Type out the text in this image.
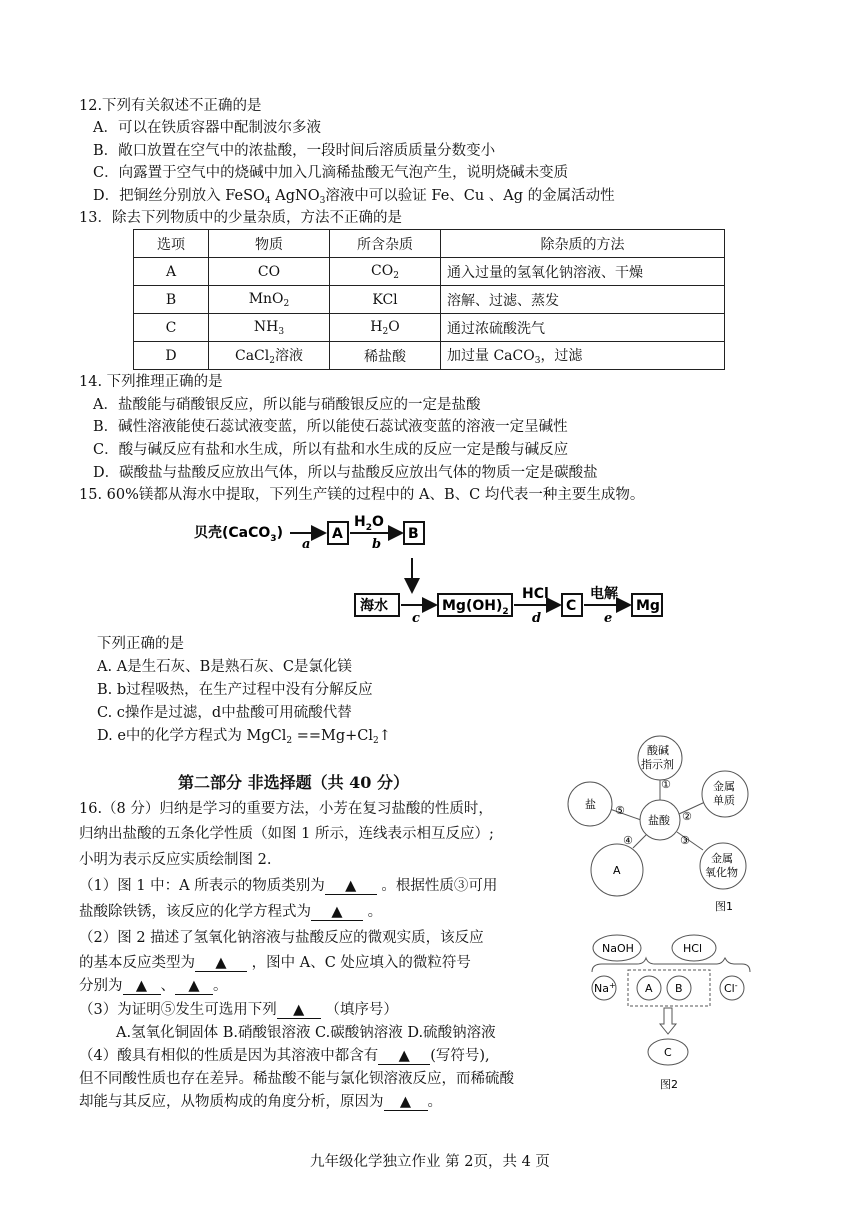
12.下列有关叙述不正确的是
A．可以在铁质容器中配制波尔多液
B．敞口放置在空气中的浓盐酸，一段时间后溶质质量分数变小
C．向露置于空气中的烧碱中加入几滴稀盐酸无气泡产生，说明烧碱未变质
D．把铜丝分别放入 FeSO$_4$ AgNO$_3$溶液中可以验证 Fe、Cu 、Ag 的金属活动性
13．除去下列物质中的少量杂质，方法不正确的是
选项	物质	所含杂质	除杂质的方法
A	CO	$CO_2$	通入过量的氢氧化钠溶液、干燥
B	MnO$_2$	KCl	溶解、过滤、蒸发
C	$NH_3$	$H_2O$	通过浓硫酸洗气
D	CaCl$_2$溶液	稀盐酸	加过量 CaCO$_3$，过滤
14. 下列推理正确的是
A．盐酸能与硝酸银反应，所以能与硝酸银反应的一定是盐酸
B．碱性溶液能使石蕊试液变蓝，所以能使石蕊试液变蓝的溶液一定呈碱性
C．酸与碱反应有盐和水生成，所以有盐和水生成的反应一定是酸与碱反应
D．碳酸盐与盐酸反应放出气体，所以与盐酸反应放出气体的物质一定是碳酸盐
15. 60%镁都从海水中提取，下列生产镁的过程中的 A、B、C 均代表一种主要生成物。
贝壳(CaCO$_3$)
a
A
$H_2O$
b
B
海水
c
$Mg(OH)_2$
HCl
d
C
电解
e
Mg
下列正确的是
A. A是生石灰、B是熟石灰、C是氯化镁
B. b过程吸热，在生产过程中没有分解反应
C. c操作是过滤，d中盐酸可用硫酸代替
D. e中的化学方程式为 MgCl$_2$ $==Mg+Cl_2↑$
第二部分 非选择题（共 40 分）
16.（8 分）归纳是学习的重要方法，小芳在复习盐酸的性质时，
归纳出盐酸的五条化学性质（如图 1 所示，连线表示相互反应）;
小明为表示反应实质绘制图 2.
（1）图 1 中：A 所表示的物质类别为 ▲ 。根据性质③可用
盐酸除铁锈，该反应的化学方程式为 ▲ 。
（2）图 2 描述了氢氧化钠溶液与盐酸反应的微观实质，该反应
的基本反应类型为 ▲ ，图中 A、C 处应填入的微粒符号
分别为 ▲ 、 ▲ 。
（3）为证明⑤发生可选用下列 ▲ （填序号）
A.氢氧化铜固体 B.硝酸银溶液 C.碳酸钠溶液 D.硫酸钠溶液
（4）酸具有相似的性质是因为其溶液中都含有 ▲ (写符号),
但不同酸性质也存在差异。稀盐酸不能与氯化钡溶液反应，而稀硫酸
却能与其反应，从物质构成的角度分析，原因为 ▲ 。
酸碱
指示剂
盐酸
金属
单质
金属
氧化物
盐
A
①
②
③
④
⑤
图1
NaOH	HCl
Na+	A B	Cl-
C
图2
九年级化学独立作业 第 2页，共 4 页
